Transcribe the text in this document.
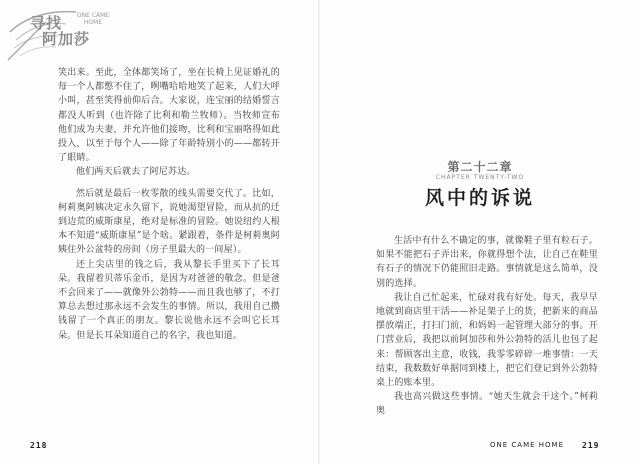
寻找
阿加莎
ONE CAME HOME

笑出来。至此，全体都笑场了，坐在长椅上见证婚礼的每一个人都憋不住了，咧嘴哈哈地笑了起来，人们大呼小叫，甚至笑得前仰后合。大家说，连宝丽的结婚誓言都没人听到（也许除了比利和勒兰牧师）。当牧师宣布他们成为夫妻，并允许他们接吻，比利和宝丽咯得如此投入，以至于每个人——除了年龄特别小的——都转开了眼睛。

他们两天后就去了阿尼苏达。

然后就是最后一枚零散的线头需要交代了。比如，柯莉奥阿姨决定永久留下，说她渴望冒险，而从抗的迁到边荒的威斯康星，绝对是标准的冒险。她说纽约人根本不知道“威斯康星”是个啥。紧跟着，条件是柯莉奥阿姨住外公盆特的房间（房子里最大的一间屋）。

还上尖店里的钱之后，我从黎长手里买下了长耳朵。我留着贝蒂乐金币，是因为对爸爸的敬念。但是爸不会回来了——就像外公勃特——而且我也够了，不打算总去想过那永远不会发生的事情。所以，我用自己攒钱留了一个真正的朋友。黎长说他永远不会叫它长耳朵。但是长耳朵知道自己的名字，我也知道。

218
第二十二章
CHAPTER TWENTY-TWO
风中的诉说

生活中有什么不确定的事，就像鞋子里有粒石子。如果不能把石子弄出来，你就得想个法，让自己在鞋里有石子的情况下仍能照旧走路。事情就是这么简单，没别的选择。

我让自己忙起来，忙碌对我有好处。每天，我早早地就到商店里干活——补足架子上的货，把新来的商品摆放端正，打扫门前，和妈妈一起管理大部分的事。开门营业后，我把以前阿加莎和外公勃特的活儿也包了起来：帮顾客出主意，收钱，我零零碎碎一堆事情：一天结束，我数数好单据同到楼上，把它们登记到外公勃特桌上的账本里。

我也高兴做这些事情。“她天生就会干这个。”柯莉奥

ONE CAME HOME 219
